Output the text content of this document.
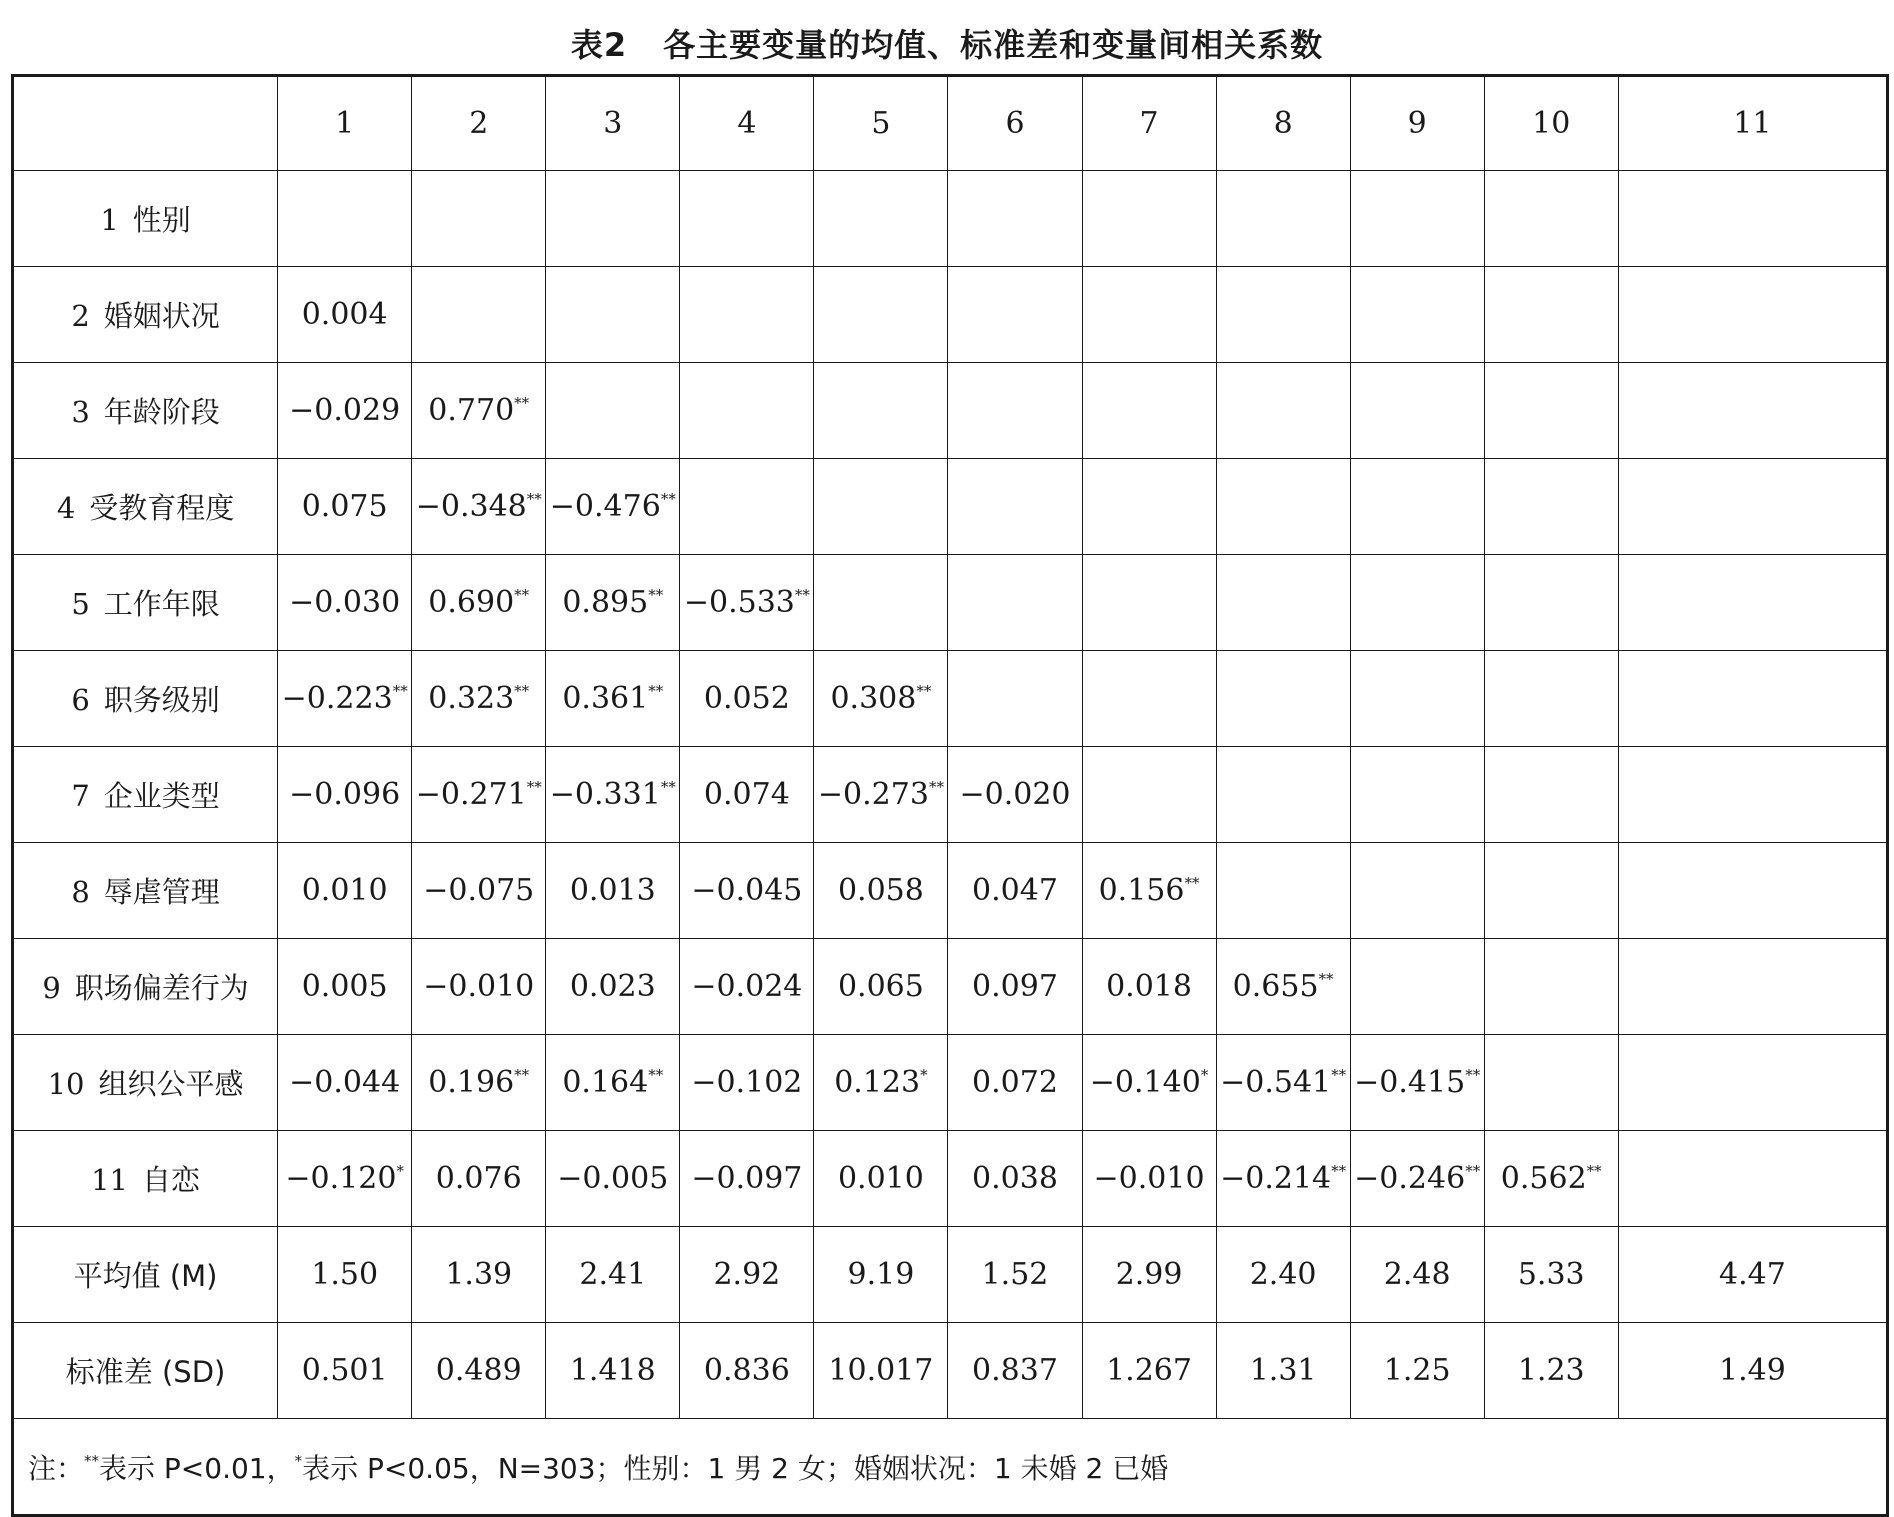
表2 各主要变量的均值、标准差和变量间相关系数
	1	2	3	4	5	6	7	8	9	10	11
1 性别											
2 婚姻状况	0.004										
3 年龄阶段	−0.029	0.770**									
4 受教育程度	0.075	−0.348**	−0.476**								
5 工作年限	−0.030	0.690**	0.895**	−0.533**							
6 职务级别	−0.223**	0.323**	0.361**	0.052	0.308**						
7 企业类型	−0.096	−0.271**	−0.331**	0.074	−0.273**	−0.020					
8 辱虐管理	0.010	−0.075	0.013	−0.045	0.058	0.047	0.156**				
9 职场偏差行为	0.005	−0.010	0.023	−0.024	0.065	0.097	0.018	0.655**			
10 组织公平感	−0.044	0.196**	0.164**	−0.102	0.123*	0.072	−0.140*	−0.541**	−0.415**		
11 自恋	−0.120*	0.076	−0.005	−0.097	0.010	0.038	−0.010	−0.214**	−0.246**	0.562**	
平均值 (M)	1.50	1.39	2.41	2.92	9.19	1.52	2.99	2.40	2.48	5.33	4.47
标准差 (SD)	0.501	0.489	1.418	0.836	10.017	0.837	1.267	1.31	1.25	1.23	1.49
注：**表示 P<0.01，*表示 P<0.05，N=303；性别：1 男 2 女；婚姻状况：1 未婚 2 已婚											
